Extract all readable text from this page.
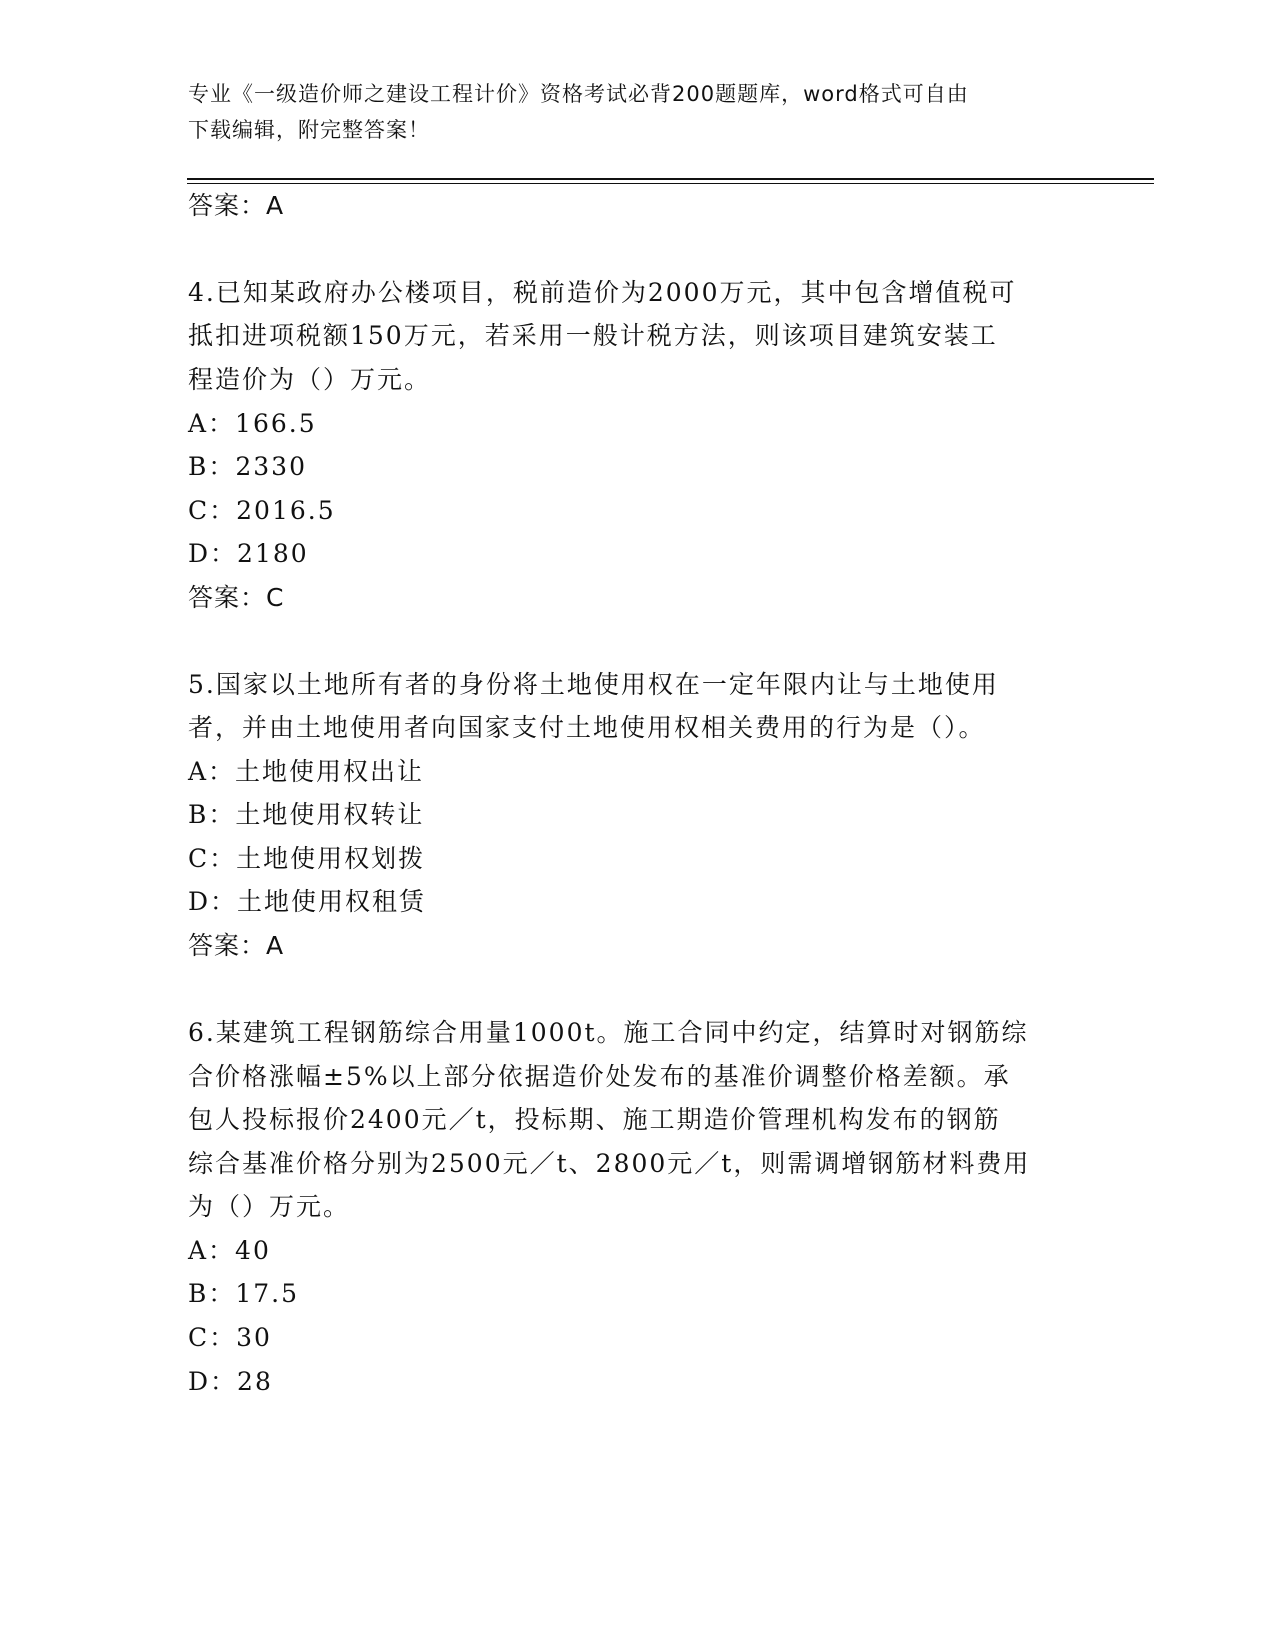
专业《一级造价师之建设工程计价》资格考试必背200题题库，word格式可自由
下载编辑，附完整答案！
答案：A
4.已知某政府办公楼项目，税前造价为2000万元，其中包含增值税可
抵扣进项税额150万元，若采用一般计税方法，则该项目建筑安装工
程造价为（）万元。
A：166.5
B：2330
C：2016.5
D：2180
答案：C
5.国家以土地所有者的身份将土地使用权在一定年限内让与土地使用
者，并由土地使用者向国家支付土地使用权相关费用的行为是（）。
A：土地使用权出让
B：土地使用权转让
C：土地使用权划拨
D：土地使用权租赁
答案：A
6.某建筑工程钢筋综合用量1000t。施工合同中约定，结算时对钢筋综
合价格涨幅±5%以上部分依据造价处发布的基准价调整价格差额。承
包人投标报价2400元／t，投标期、施工期造价管理机构发布的钢筋
综合基准价格分别为2500元／t、2800元／t，则需调增钢筋材料费用
为（）万元。
A：40
B：17.5
C：30
D：28
